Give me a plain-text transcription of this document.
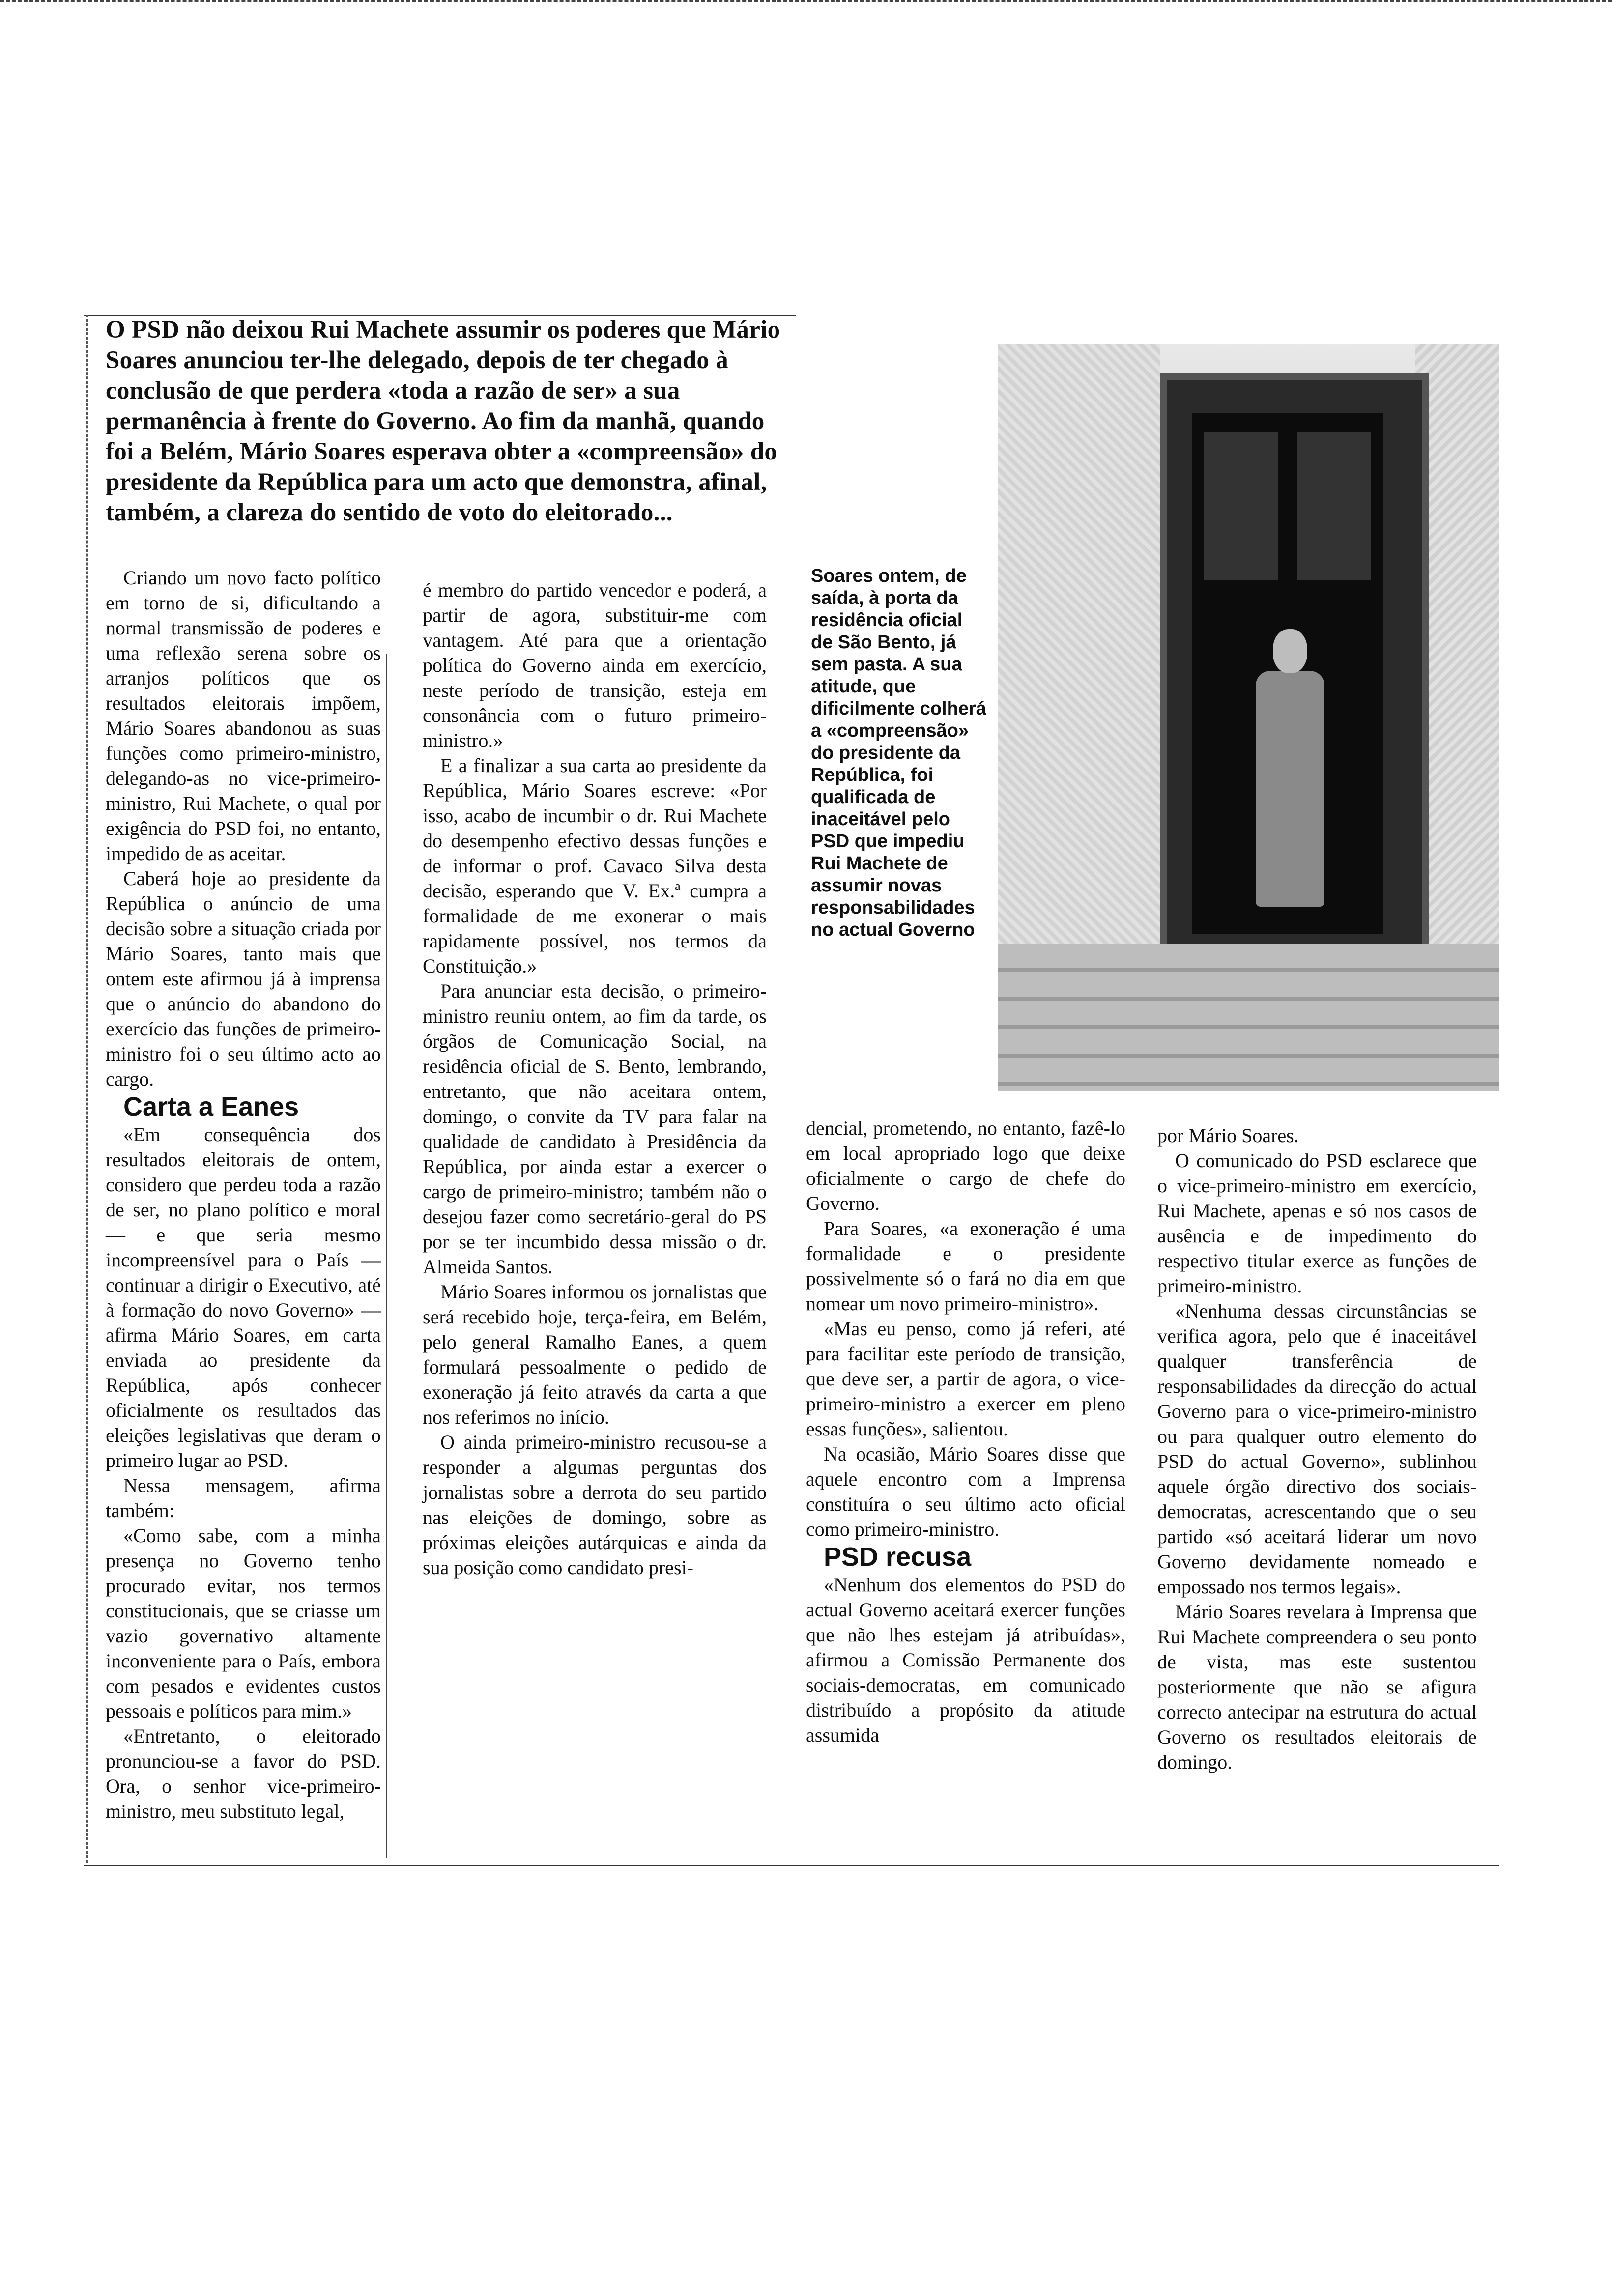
O PSD não deixou Rui Machete assumir os poderes que Mário Soares anunciou ter-lhe delegado, depois de ter chegado à conclusão de que perdera «toda a razão de ser» a sua permanência à frente do Governo. Ao fim da manhã, quando foi a Belém, Mário Soares esperava obter a «compreensão» do presidente da República para um acto que demonstra, afinal, também, a clareza do sentido de voto do eleitorado...
Soares ontem, de saída, à porta da residência oficial de São Bento, já sem pasta. A sua atitude, que dificilmente colherá a «compreensão» do presidente da República, foi qualificada de inaceitável pelo PSD que impediu Rui Machete de assumir novas responsabilidades no actual Governo

Criando um novo facto político em torno de si, dificultando a normal transmissão de poderes e uma reflexão serena sobre os arranjos políticos que os resultados eleitorais impõem, Mário Soares abandonou as suas funções como primeiro-ministro, delegando-as no vice-primeiro-ministro, Rui Machete, o qual por exigência do PSD foi, no entanto, impedido de as aceitar.

Caberá hoje ao presidente da República o anúncio de uma decisão sobre a situação criada por Mário Soares, tanto mais que ontem este afirmou já à imprensa que o anúncio do abandono do exercício das funções de primeiro-ministro foi o seu último acto ao cargo.

Carta a Eanes

«Em consequência dos resultados eleitorais de ontem, considero que perdeu toda a razão de ser, no plano político e moral — e que seria mesmo incompreensível para o País — continuar a dirigir o Executivo, até à formação do novo Governo» — afirma Mário Soares, em carta enviada ao presidente da República, após conhecer oficialmente os resultados das eleições legislativas que deram o primeiro lugar ao PSD.

Nessa mensagem, afirma também:

«Como sabe, com a minha presença no Governo tenho procurado evitar, nos termos constitucionais, que se criasse um vazio governativo altamente inconveniente para o País, embora com pesados e evidentes custos pessoais e políticos para mim.»

«Entretanto, o eleitorado pronunciou-se a favor do PSD. Ora, o senhor vice-primeiro-ministro, meu substituto legal,

é membro do partido vencedor e poderá, a partir de agora, substituir-me com vantagem. Até para que a orientação política do Governo ainda em exercício, neste período de transição, esteja em consonância com o futuro primeiro-ministro.»

E a finalizar a sua carta ao presidente da República, Mário Soares escreve: «Por isso, acabo de incumbir o dr. Rui Machete do desempenho efectivo dessas funções e de informar o prof. Cavaco Silva desta decisão, esperando que V. Ex.ª cumpra a formalidade de me exonerar o mais rapidamente possível, nos termos da Constituição.»

Para anunciar esta decisão, o primeiro-ministro reuniu ontem, ao fim da tarde, os órgãos de Comunicação Social, na residência oficial de S. Bento, lembrando, entretanto, que não aceitara ontem, domingo, o convite da TV para falar na qualidade de candidato à Presidência da República, por ainda estar a exercer o cargo de primeiro-ministro; também não o desejou fazer como secretário-geral do PS por se ter incumbido dessa missão o dr. Almeida Santos.

Mário Soares informou os jornalistas que será recebido hoje, terça-feira, em Belém, pelo general Ramalho Eanes, a quem formulará pessoalmente o pedido de exoneração já feito através da carta a que nos referimos no início.

O ainda primeiro-ministro recusou-se a responder a algumas perguntas dos jornalistas sobre a derrota do seu partido nas eleições de domingo, sobre as próximas eleições autárquicas e ainda da sua posição como candidato presi-

dencial, prometendo, no entanto, fazê-lo em local apropriado logo que deixe oficialmente o cargo de chefe do Governo.

Para Soares, «a exoneração é uma formalidade e o presidente possivelmente só o fará no dia em que nomear um novo primeiro-ministro».

«Mas eu penso, como já referi, até para facilitar este período de transição, que deve ser, a partir de agora, o vice-primeiro-ministro a exercer em pleno essas funções», salientou.

Na ocasião, Mário Soares disse que aquele encontro com a Imprensa constituíra o seu último acto oficial como primeiro-ministro.

PSD recusa

«Nenhum dos elementos do PSD do actual Governo aceitará exercer funções que não lhes estejam já atribuídas», afirmou a Comissão Permanente dos sociais-democratas, em comunicado distribuído a propósito da atitude assumida

por Mário Soares.

O comunicado do PSD esclarece que o vice-primeiro-ministro em exercício, Rui Machete, apenas e só nos casos de ausência e de impedimento do respectivo titular exerce as funções de primeiro-ministro.

«Nenhuma dessas circunstâncias se verifica agora, pelo que é inaceitável qualquer transferência de responsabilidades da direcção do actual Governo para o vice-primeiro-ministro ou para qualquer outro elemento do PSD do actual Governo», sublinhou aquele órgão directivo dos sociais-democratas, acrescentando que o seu partido «só aceitará liderar um novo Governo devidamente nomeado e empossado nos termos legais».

Mário Soares revelara à Imprensa que Rui Machete compreendera o seu ponto de vista, mas este sustentou posteriormente que não se afigura correcto antecipar na estrutura do actual Governo os resultados eleitorais de domingo.
